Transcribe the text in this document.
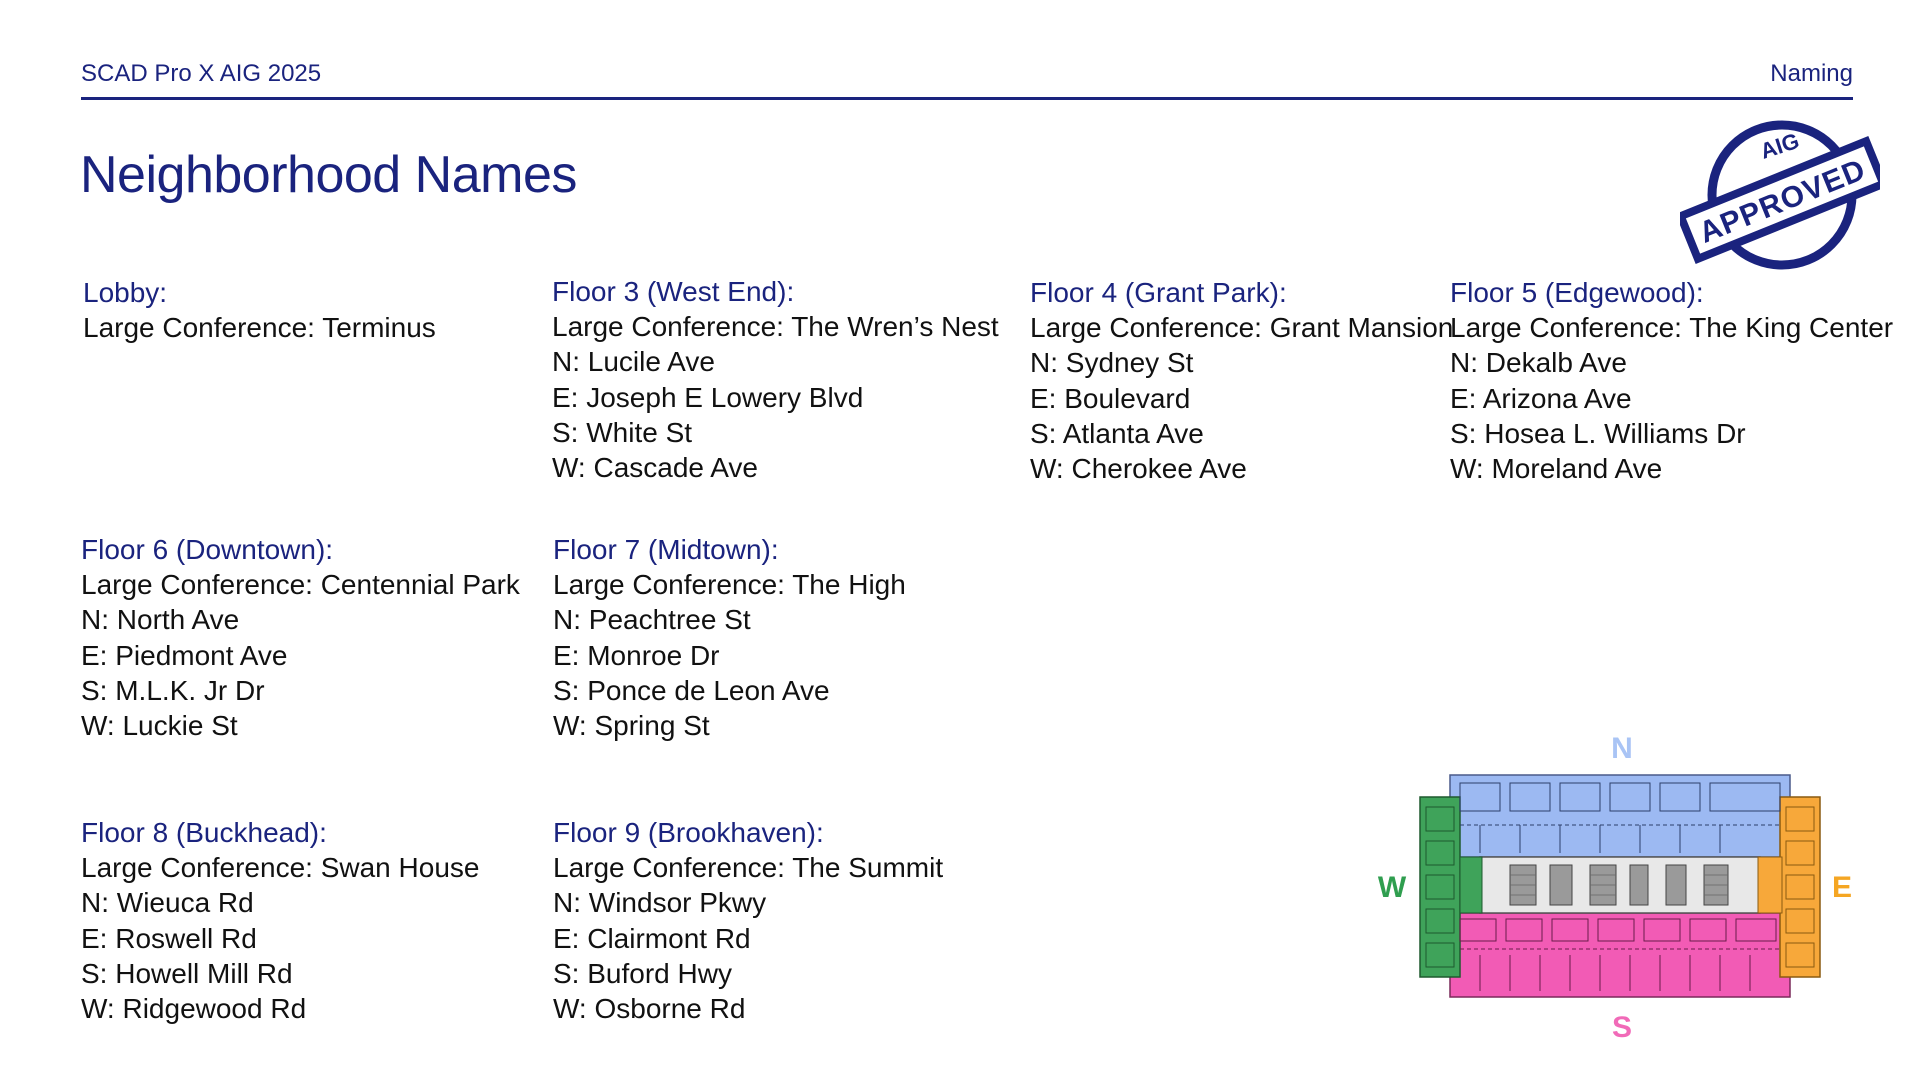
SCAD Pro X AIG 2025	Naming
Neighborhood Names
AIG
APPROVED
Lobby:
Large Conference: Terminus
Floor 3 (West End):
Large Conference: The Wren’s Nest
N: Lucile Ave
E: Joseph E Lowery Blvd
S: White St
W: Cascade Ave
Floor 4 (Grant Park):
Large Conference: Grant Mansion
N: Sydney St
E: Boulevard
S: Atlanta Ave
W: Cherokee Ave
Floor 5 (Edgewood):
Large Conference: The King Center
N: Dekalb Ave
E: Arizona Ave
S: Hosea L. Williams Dr
W: Moreland Ave
Floor 6 (Downtown):
Large Conference: Centennial Park
N: North Ave
E: Piedmont Ave
S: M.L.K. Jr Dr
W: Luckie St
Floor 7 (Midtown):
Large Conference: The High
N: Peachtree St
E: Monroe Dr
S: Ponce de Leon Ave
W: Spring St
Floor 8 (Buckhead):
Large Conference: Swan House
N: Wieuca Rd
E: Roswell Rd
S: Howell Mill Rd
W: Ridgewood Rd
Floor 9 (Brookhaven):
Large Conference: The Summit
N: Windsor Pkwy
E: Clairmont Rd
S: Buford Hwy
W: Osborne Rd
N
S
W	E
